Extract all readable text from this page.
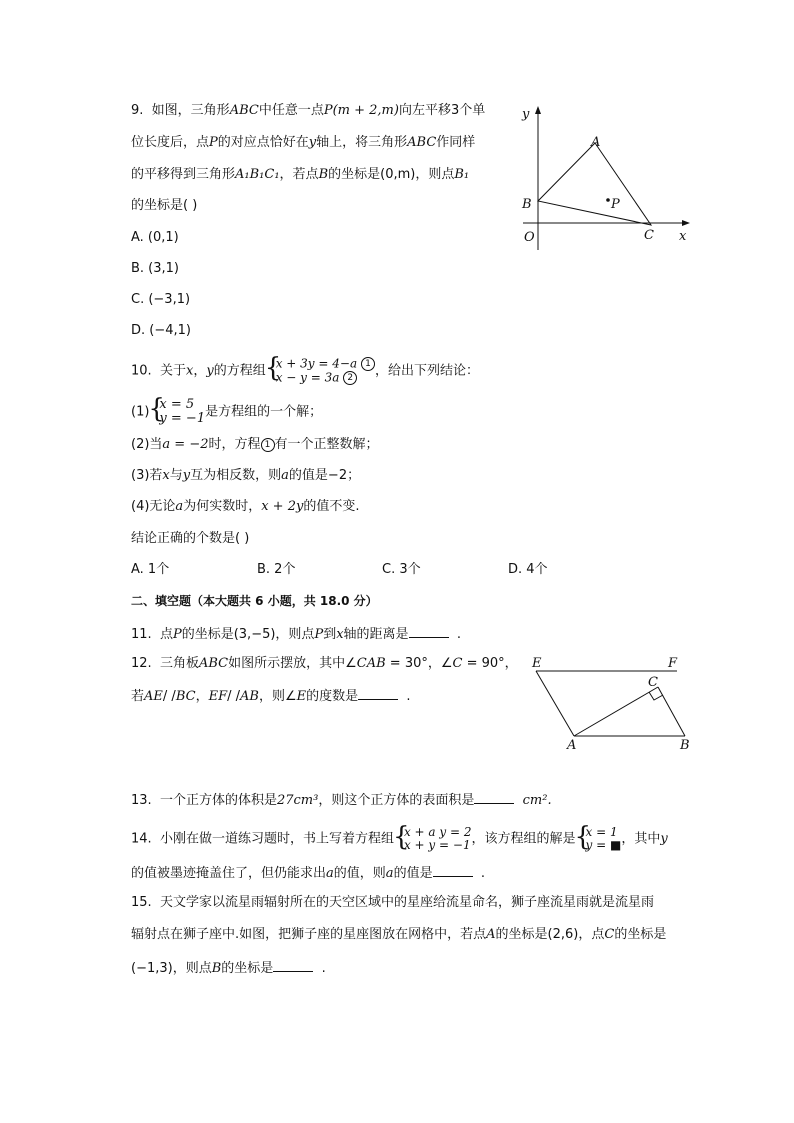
9. 如图，三角形ABC中任意一点P(m + 2,m)向左平移3个单
位长度后，点P的对应点恰好在y轴上，将三角形ABC作同样
的平移得到三角形A₁B₁C₁，若点B的坐标是(0,m)，则点B₁
的坐标是( )
A. (0,1)
B. (3,1)
C. (−3,1)
D. (−4,1)
y
x
O
A
B
C
P
10. 关于x，y的方程组 { x + 3y = 4−a 1
x − y = 3a 2 ，给出下列结论：
(1) { x = 5
y = −1是方程组的一个解；
(2)当a = −2时，方程 1 有一个正整数解；
(3)若x与y互为相反数，则a的值是−2；
(4)无论a为何实数时，x + 2y的值不变.
结论正确的个数是( )
A. 1个	B. 2个	C. 3个	D. 4个
二、填空题（本大题共 6 小题，共 18.0 分）
11. 点P的坐标是(3,−5)，则点P到x轴的距离是	.
12. 三角板ABC如图所示摆放，其中∠CAB = 30°，∠C = 90°，
若AE/ /BC，EF/ /AB，则∠E的度数是	.
E	F
C
A	B
13. 一个正方体的体积是27cm³，则这个正方体的表面积是	cm².
14. 小刚在做一道练习题时，书上写着方程组 { x + a y = 2
x + y = −1，该方程组的解是 { x = 1
y = ■，其中y
的值被墨迹掩盖住了，但仍能求出a的值，则a的值是	.
15. 天文学家以流星雨辐射所在的天空区域中的星座给流星命名，狮子座流星雨就是流星雨
辐射点在狮子座中.如图，把狮子座的星座图放在网格中，若点A的坐标是(2,6)，点C的坐标是
(−1,3)，则点B的坐标是	.
